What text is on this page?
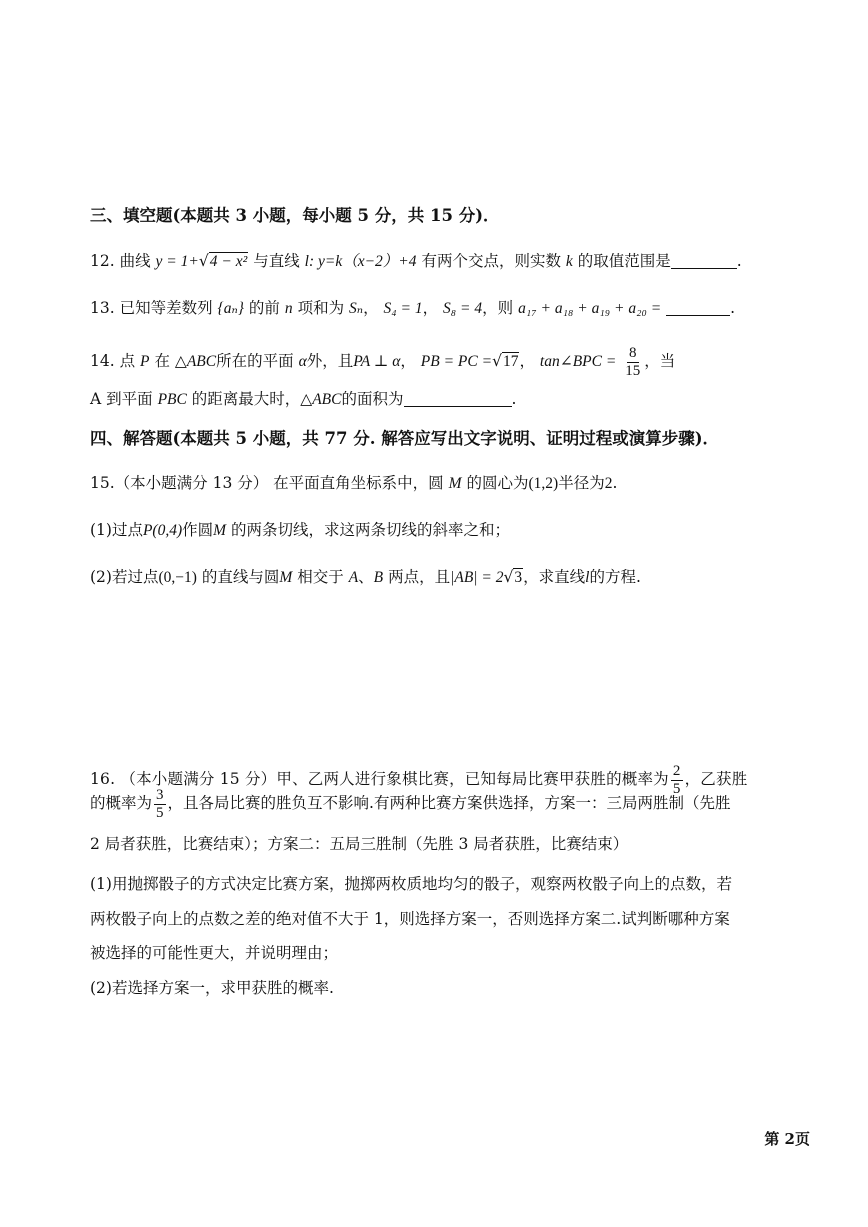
三、填空题(本题共 3 小题，每小题 5 分，共 15 分)．
12. 曲线 y = 1+√4 − x² 与直线 l: y=k（x−2）+4 有两个交点，则实数 k 的取值范围是	.
13. 已知等差数列 {aₙ} 的前 n 项和为 Sₙ， S₄ = 1， S₈ = 4，则 a₁₇ + a₁₈ + a₁₉ + a₂₀ =	.
14. 点 P 在 △ABC所在的平面 α外，且PA ⊥ α， PB = PC =√17， tan∠BPC = $\frac{8}{15}$ ，当
A 到平面 PBC 的距离最大时，△ABC的面积为	.
四、解答题(本题共 5 小题，共 77 分. 解答应写出文字说明、证明过程或演算步骤)．
15.（本小题满分 13 分） 在平面直角坐标系中，圆 M 的圆心为(1,2)半径为2.
(1)过点P(0,4)作圆M 的两条切线，求这两条切线的斜率之和；
(2)若过点(0,−1) 的直线与圆M 相交于 A、B 两点，且|AB| = 2√3，求直线l的方程.
16. （本小题满分 15 分）甲、乙两人进行象棋比赛，已知每局比赛甲获胜的概率为 $\frac{2}{5}$ ，乙获胜
的概率为 $\frac{3}{5}$ ，且各局比赛的胜负互不影响.有两种比赛方案供选择，方案一：三局两胜制（先胜
2 局者获胜，比赛结束）；方案二：五局三胜制（先胜 3 局者获胜，比赛结束）
(1)用抛掷骰子的方式决定比赛方案，抛掷两枚质地均匀的骰子，观察两枚骰子向上的点数，若
两枚骰子向上的点数之差的绝对值不大于 1，则选择方案一，否则选择方案二.试判断哪种方案
被选择的可能性更大，并说明理由；
(2)若选择方案一，求甲获胜的概率.
第 2页
